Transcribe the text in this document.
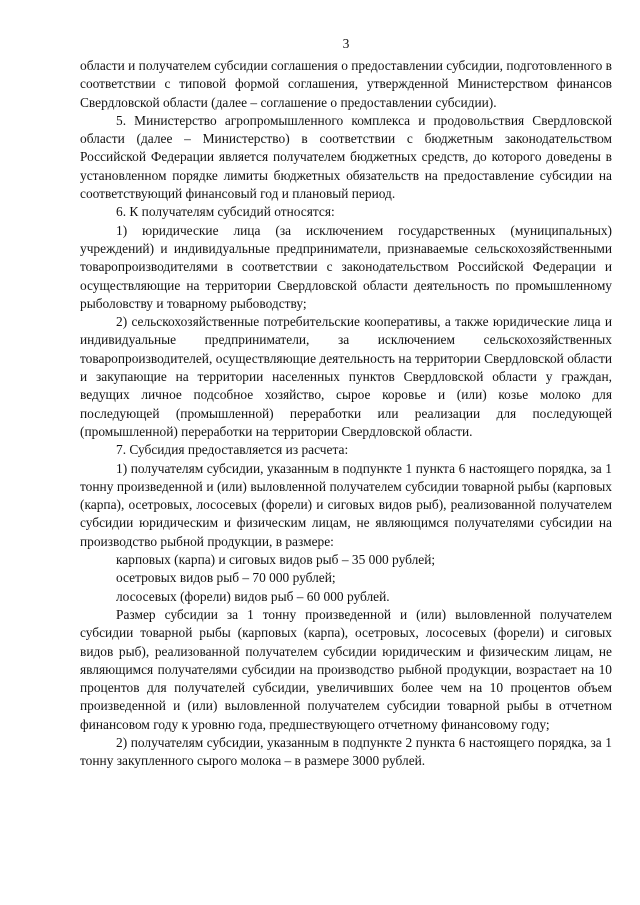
3

области и получателем субсидии соглашения о предоставлении субсидии, подготовленного в соответствии с типовой формой соглашения, утвержденной Министерством финансов Свердловской области (далее – соглашение о предоставлении субсидии).

5. Министерство агропромышленного комплекса и продовольствия Свердловской области (далее – Министерство) в соответствии с бюджетным законодательством Российской Федерации является получателем бюджетных средств, до которого доведены в установленном порядке лимиты бюджетных обязательств на предоставление субсидии на соответствующий финансовый год и плановый период.

6. К получателям субсидий относятся:

1) юридические лица (за исключением государственных (муниципальных) учреждений) и индивидуальные предприниматели, признаваемые сельскохозяйственными товаропроизводителями в соответствии с законодательством Российской Федерации и осуществляющие на территории Свердловской области деятельность по промышленному рыболовству и товарному рыбоводству;

2) сельскохозяйственные потребительские кооперативы, а также юридические лица и индивидуальные предприниматели, за исключением сельскохозяйственных товаропроизводителей, осуществляющие деятельность на территории Свердловской области и закупающие на территории населенных пунктов Свердловской области у граждан, ведущих личное подсобное хозяйство, сырое коровье и (или) козье молоко для последующей (промышленной) переработки или реализации для последующей (промышленной) переработки на территории Свердловской области.

7. Субсидия предоставляется из расчета:

1) получателям субсидии, указанным в подпункте 1 пункта 6 настоящего порядка, за 1 тонну произведенной и (или) выловленной получателем субсидии товарной рыбы (карповых (карпа), осетровых, лососевых (форели) и сиговых видов рыб), реализованной получателем субсидии юридическим и физическим лицам, не являющимся получателями субсидии на производство рыбной продукции, в размере:

карповых (карпа) и сиговых видов рыб – 35 000 рублей;

осетровых видов рыб – 70 000 рублей;

лососевых (форели) видов рыб – 60 000 рублей.

Размер субсидии за 1 тонну произведенной и (или) выловленной получателем субсидии товарной рыбы (карповых (карпа), осетровых, лососевых (форели) и сиговых видов рыб), реализованной получателем субсидии юридическим и физическим лицам, не являющимся получателями субсидии на производство рыбной продукции, возрастает на 10 процентов для получателей субсидии, увеличивших более чем на 10 процентов объем произведенной и (или) выловленной получателем субсидии товарной рыбы в отчетном финансовом году к уровню года, предшествующего отчетному финансовому году;

2) получателям субсидии, указанным в подпункте 2 пункта 6 настоящего порядка, за 1 тонну закупленного сырого молока – в размере 3000 рублей.
